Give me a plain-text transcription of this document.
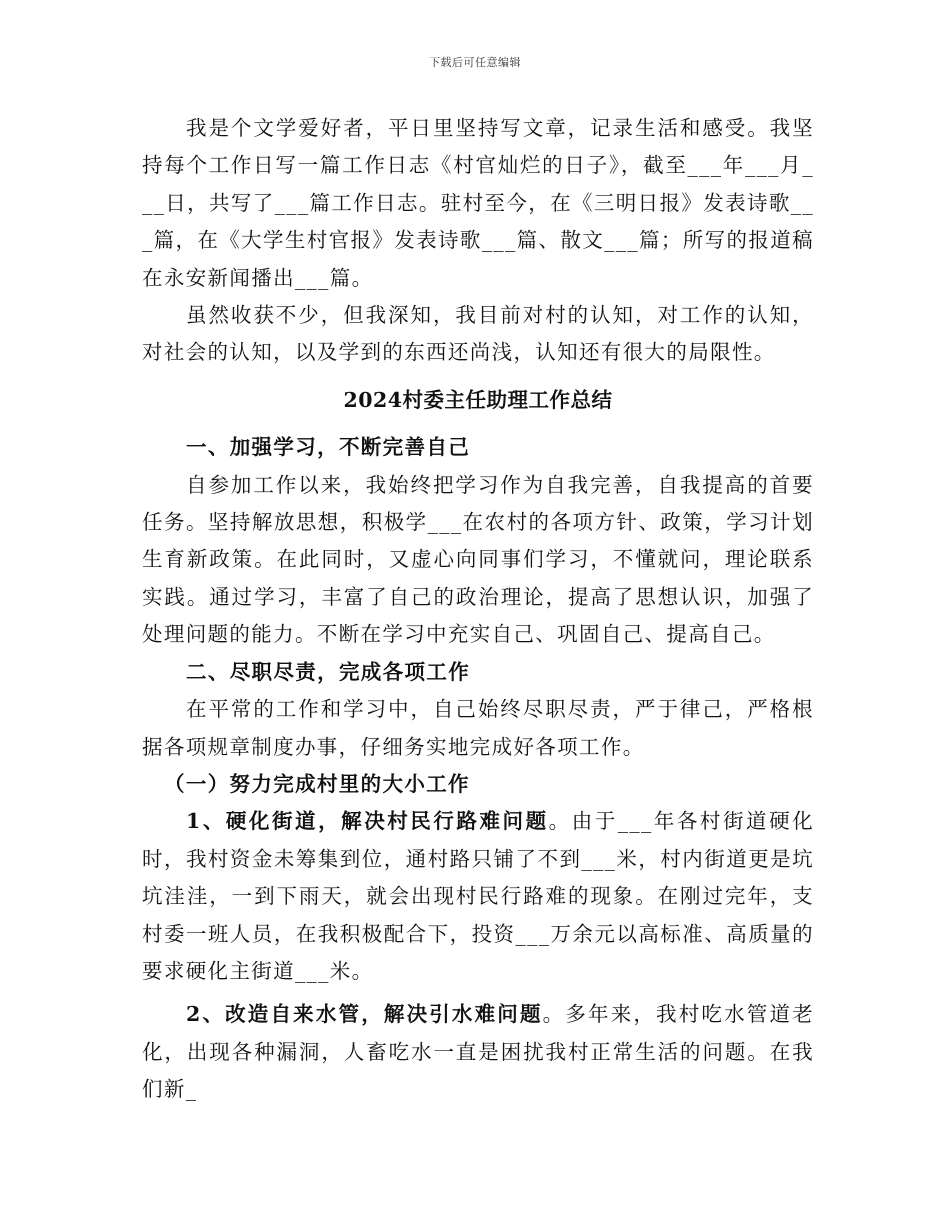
下载后可任意编辑

我是个文学爱好者，平日里坚持写文章，记录生活和感受。我坚持每个工作日写一篇工作日志《村官灿烂的日子》，截至___年___月___日，共写了___篇工作日志。驻村至今，在《三明日报》发表诗歌___篇，在《大学生村官报》发表诗歌___篇、散文___篇；所写的报道稿在永安新闻播出___篇。

虽然收获不少，但我深知，我目前对村的认知，对工作的认知，对社会的认知，以及学到的东西还尚浅，认知还有很大的局限性。

2024村委主任助理工作总结

一、加强学习，不断完善自己

自参加工作以来，我始终把学习作为自我完善，自我提高的首要任务。坚持解放思想，积极学___在农村的各项方针、政策，学习计划生育新政策。在此同时，又虚心向同事们学习，不懂就问，理论联系实践。通过学习，丰富了自己的政治理论，提高了思想认识，加强了处理问题的能力。不断在学习中充实自己、巩固自己、提高自己。

二、尽职尽责，完成各项工作

在平常的工作和学习中，自己始终尽职尽责，严于律己，严格根据各项规章制度办事，仔细务实地完成好各项工作。

（一）努力完成村里的大小工作

1、硬化街道，解决村民行路难问题。由于___年各村街道硬化时，我村资金未筹集到位，通村路只铺了不到___米，村内街道更是坑坑洼洼，一到下雨天，就会出现村民行路难的现象。在刚过完年，支村委一班人员，在我积极配合下，投资___万余元以高标准、高质量的要求硬化主街道___米。

2、改造自来水管，解决引水难问题。多年来，我村吃水管道老化，出现各种漏洞，人畜吃水一直是困扰我村正常生活的问题。在我们新_
